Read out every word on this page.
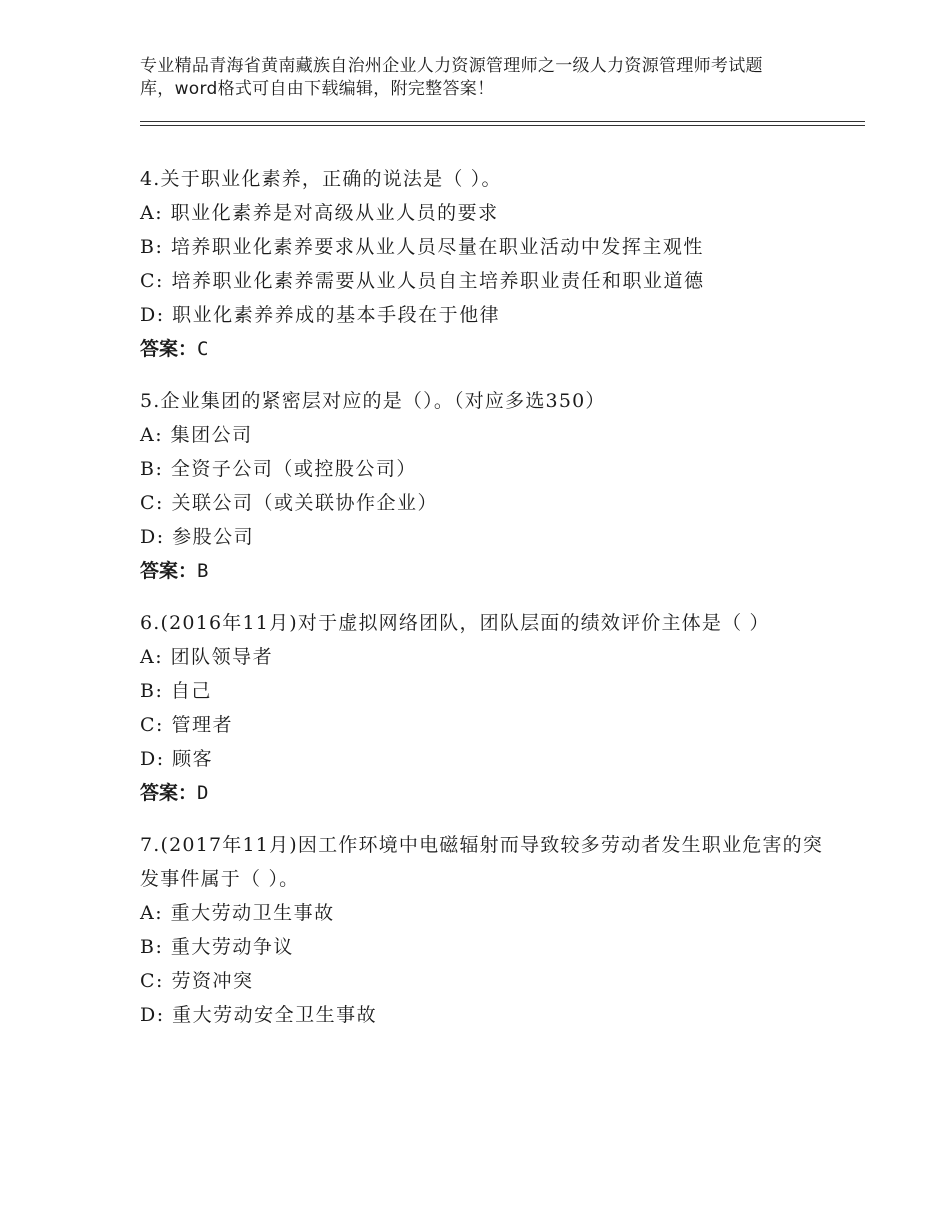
专业精品青海省黄南藏族自治州企业人力资源管理师之一级人力资源管理师考试题
库，word格式可自由下载编辑，附完整答案！
4.关于职业化素养，正确的说法是（ ）。
A: 职业化素养是对高级从业人员的要求
B: 培养职业化素养要求从业人员尽量在职业活动中发挥主观性
C: 培养职业化素养需要从业人员自主培养职业责任和职业道德
D: 职业化素养养成的基本手段在于他律
答案：C
5.企业集团的紧密层对应的是（）。（对应多选350）
A: 集团公司
B: 全资子公司（或控股公司）
C: 关联公司（或关联协作企业）
D: 参股公司
答案：B
6.(2016年11月)对于虚拟网络团队，团队层面的绩效评价主体是（ ）
A: 团队领导者
B: 自己
C: 管理者
D: 顾客
答案：D
7.(2017年11月)因工作环境中电磁辐射而导致较多劳动者发生职业危害的突发事件属于（ ）。
A: 重大劳动卫生事故
B: 重大劳动争议
C: 劳资冲突
D: 重大劳动安全卫生事故
